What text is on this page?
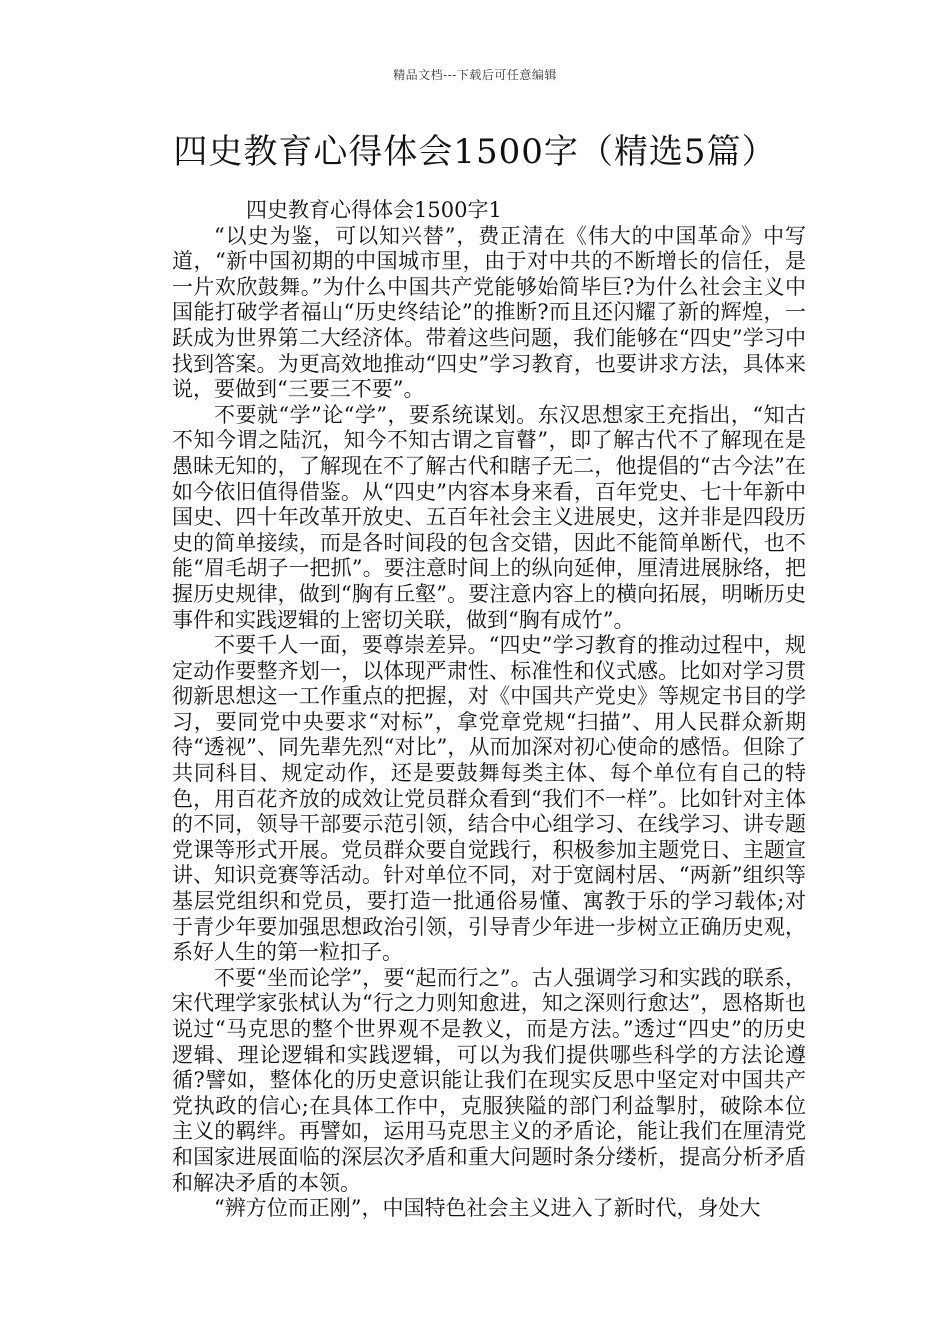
精品文档---下载后可任意编辑
四史教育心得体会1500字（精选5篇）
四史教育心得体会1500字1

“以史为鉴，可以知兴替”，费正清在《伟大的中国革命》中写道，“新中国初期的中国城市里，由于对中共的不断增长的信任，是一片欢欣鼓舞。”为什么中国共产党能够始简毕巨?为什么社会主义中国能打破学者福山“历史终结论”的推断?而且还闪耀了新的辉煌，一跃成为世界第二大经济体。带着这些问题，我们能够在“四史”学习中找到答案。为更高效地推动“四史”学习教育，也要讲求方法，具体来说，要做到“三要三不要”。

不要就“学”论“学”，要系统谋划。东汉思想家王充指出，“知古不知今谓之陆沉，知今不知古谓之盲瞽”，即了解古代不了解现在是愚昧无知的，了解现在不了解古代和瞎子无二，他提倡的“古今法”在如今依旧值得借鉴。从“四史”内容本身来看，百年党史、七十年新中国史、四十年改革开放史、五百年社会主义进展史，这并非是四段历史的简单接续，而是各时间段的包含交错，因此不能简单断代，也不能“眉毛胡子一把抓”。要注意时间上的纵向延伸，厘清进展脉络，把握历史规律，做到“胸有丘壑”。要注意内容上的横向拓展，明晰历史事件和实践逻辑的上密切关联，做到“胸有成竹”。

不要千人一面，要尊崇差异。“四史”学习教育的推动过程中，规定动作要整齐划一，以体现严肃性、标准性和仪式感。比如对学习贯彻新思想这一工作重点的把握，对《中国共产党史》等规定书目的学习，要同党中央要求“对标”，拿党章党规“扫描”、用人民群众新期待“透视”、同先辈先烈“对比”，从而加深对初心使命的感悟。但除了共同科目、规定动作，还是要鼓舞每类主体、每个单位有自己的特色，用百花齐放的成效让党员群众看到“我们不一样”。比如针对主体的不同，领导干部要示范引领，结合中心组学习、在线学习、讲专题党课等形式开展。党员群众要自觉践行，积极参加主题党日、主题宣讲、知识竞赛等活动。针对单位不同，对于宽阔村居、“两新”组织等基层党组织和党员，要打造一批通俗易懂、寓教于乐的学习载体;对于青少年要加强思想政治引领，引导青少年进一步树立正确历史观，系好人生的第一粒扣子。

不要“坐而论学”，要“起而行之”。古人强调学习和实践的联系，宋代理学家张栻认为“行之力则知愈进，知之深则行愈达”，恩格斯也说过“马克思的整个世界观不是教义，而是方法。”透过“四史”的历史逻辑、理论逻辑和实践逻辑，可以为我们提供哪些科学的方法论遵循?譬如，整体化的历史意识能让我们在现实反思中坚定对中国共产党执政的信心;在具体工作中，克服狭隘的部门利益掣肘，破除本位主义的羁绊。再譬如，运用马克思主义的矛盾论，能让我们在厘清党和国家进展面临的深层次矛盾和重大问题时条分缕析，提高分析矛盾和解决矛盾的本领。

“辨方位而正刚”，中国特色社会主义进入了新时代，身处大
